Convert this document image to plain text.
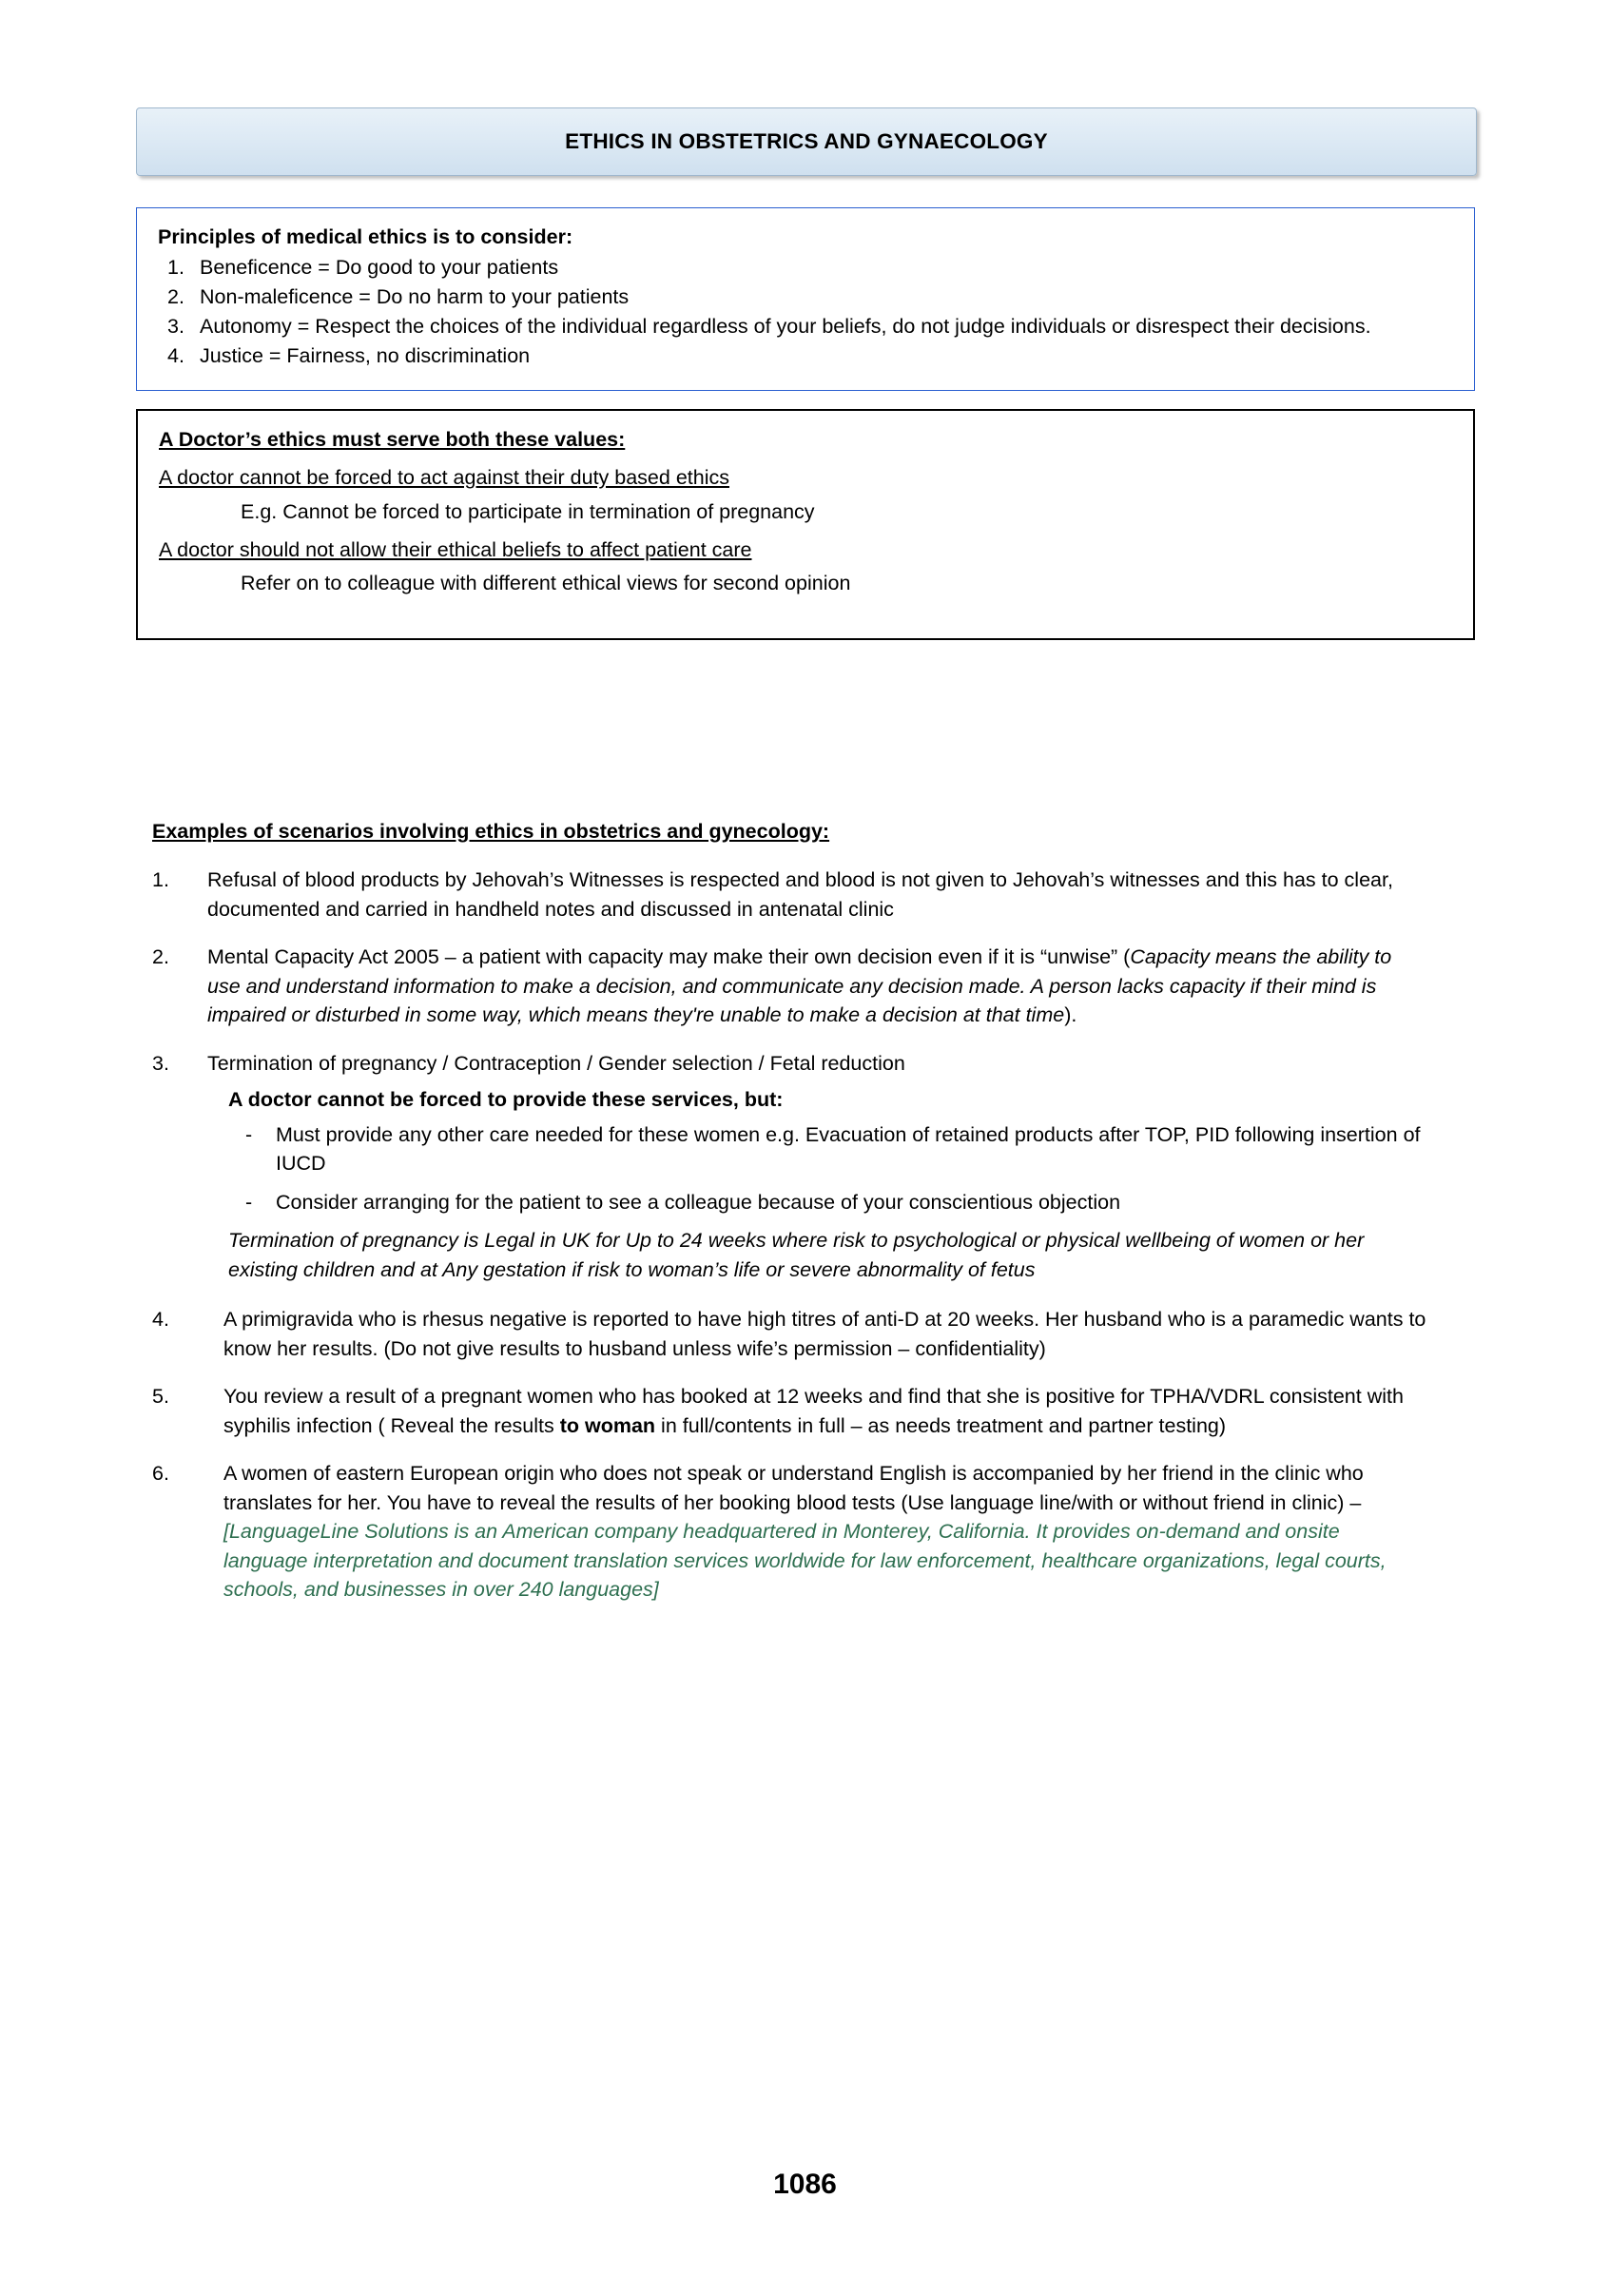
ETHICS IN OBSTETRICS AND GYNAECOLOGY
Principles of medical ethics is to consider:
1. Beneficence = Do good to your patients
2. Non-maleficence = Do no harm to your patients
3. Autonomy = Respect the choices of the individual regardless of your beliefs, do not judge individuals or disrespect their decisions.
4. Justice = Fairness, no discrimination
A Doctor’s ethics must serve both these values:
A doctor cannot be forced to act against their duty based ethics
E.g. Cannot be forced to participate in termination of pregnancy
A doctor should not allow their ethical beliefs to affect patient care
Refer on to colleague with different ethical views for second opinion
Examples of scenarios involving ethics in obstetrics and gynecology:
1.	Refusal of blood products by Jehovah’s Witnesses is respected and blood is not given to Jehovah’s witnesses and this has to clear, documented and carried in handheld notes and discussed in antenatal clinic
2.	Mental Capacity Act 2005 – a patient with capacity may make their own decision even if it is “unwise” (Capacity means the ability to use and understand information to make a decision, and communicate any decision made. A person lacks capacity if their mind is impaired or disturbed in some way, which means they're unable to make a decision at that time).
3.	Termination of pregnancy / Contraception / Gender selection / Fetal reduction
A doctor cannot be forced to provide these services, but:
-	Must provide any other care needed for these women e.g. Evacuation of retained products after TOP, PID following insertion of IUCD
-	Consider arranging for the patient to see a colleague because of your conscientious objection
Termination of pregnancy is Legal in UK for Up to 24 weeks where risk to psychological or physical wellbeing of women or her existing children and at Any gestation if risk to woman’s life or severe abnormality of fetus
4.	A primigravida who is rhesus negative is reported to have high titres of anti-D at 20 weeks. Her husband who is a paramedic wants to know her results. (Do not give results to husband unless wife’s permission – confidentiality)
5.	You review a result of a pregnant women who has booked at 12 weeks and find that she is positive for TPHA/VDRL consistent with syphilis infection ( Reveal the results to woman in full/contents in full – as needs treatment and partner testing)
6.	A women of eastern European origin who does not speak or understand English is accompanied by her friend in the clinic who translates for her. You have to reveal the results of her booking blood tests (Use language line/with or without friend in clinic) – [LanguageLine Solutions is an American company headquartered in Monterey, California. It provides on-demand and onsite language interpretation and document translation services worldwide for law enforcement, healthcare organizations, legal courts, schools, and businesses in over 240 languages]
1086
